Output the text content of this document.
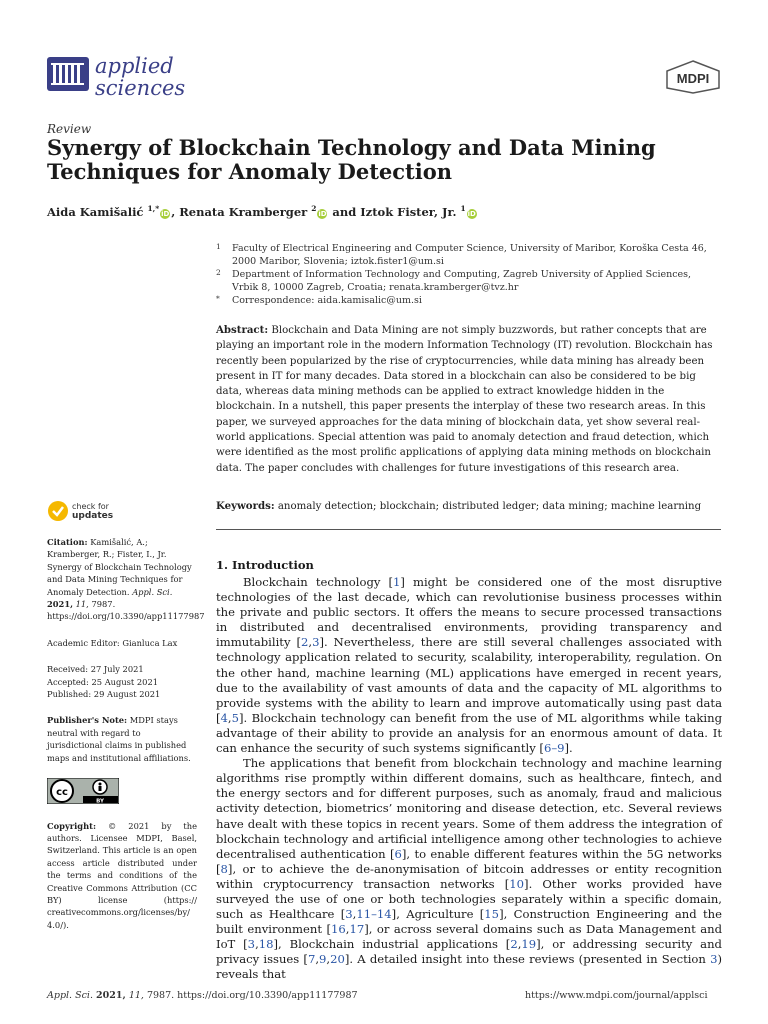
applied
sciences	MDPI
Review
Synergy of Blockchain Technology and Data Mining Techniques for Anomaly Detection
Aida Kamišalić $^{1,*}$iD , Renata Kramberger $^2$iD and Iztok Fister, Jr. $^1$iD
1 Faculty of Electrical Engineering and Computer Science, University of Maribor, Koroška Cesta 46, 2000 Maribor, Slovenia; iztok.fister1@um.si
2 Department of Information Technology and Computing, Zagreb University of Applied Sciences, Vrbik 8, 10000 Zagreb, Croatia; renata.kramberger@tvz.hr
* Correspondence: aida.kamisalic@um.si
Abstract: Blockchain and Data Mining are not simply buzzwords, but rather concepts that are playing an important role in the modern Information Technology (IT) revolution. Blockchain has recently been popularized by the rise of cryptocurrencies, while data mining has already been present in IT for many decades. Data stored in a blockchain can also be considered to be big data, whereas data mining methods can be applied to extract knowledge hidden in the blockchain. In a nutshell, this paper presents the interplay of these two research areas. In this paper, we surveyed approaches for the data mining of blockchain data, yet show several real-world applications. Special attention was paid to anomaly detection and fraud detection, which were identified as the most prolific applications of applying data mining methods on blockchain data. The paper concludes with challenges for future investigations of this research area.
Keywords: anomaly detection; blockchain; distributed ledger; data mining; machine learning
check for
updates
Citation: Kamišalić, A.; Kramberger, R.; Fister, I., Jr. Synergy of Blockchain Technology and Data Mining Techniques for Anomaly Detection. Appl. Sci. 2021, 11, 7987. https://doi.org/10.3390/app11177987
Academic Editor: Gianluca Lax
Received: 27 July 2021
Accepted: 25 August 2021
Published: 29 August 2021
Publisher's Note: MDPI stays neutral with regard to jurisdictional claims in published maps and institutional affiliations.
cc
BY
Copyright: © 2021 by the authors. Licensee MDPI, Basel, Switzerland. This article is an open access article distributed under the terms and conditions of the Creative Commons Attribution (CC BY) license (https:// creativecommons.org/licenses/by/ 4.0/).
1. Introduction

Blockchain technology [1] might be considered one of the most disruptive technologies of the last decade, which can revolutionise business processes within the private and public sectors. It offers the means to secure processed transactions in distributed and decentralised environments, providing transparency and immutability [2,3]. Nevertheless, there are still several challenges associated with technology application related to security, scalability, interoperability, regulation. On the other hand, machine learning (ML) applications have emerged in recent years, due to the availability of vast amounts of data and the capacity of ML algorithms to provide systems with the ability to learn and improve automatically using past data [4,5]. Blockchain technology can benefit from the use of ML algorithms while taking advantage of their ability to provide an analysis for an enormous amount of data. It can enhance the security of such systems significantly [6–9].

The applications that benefit from blockchain technology and machine learning algorithms rise promptly within different domains, such as healthcare, fintech, and the energy sectors and for different purposes, such as anomaly, fraud and malicious activity detection, biometrics’ monitoring and disease detection, etc. Several reviews have dealt with these topics in recent years. Some of them address the integration of blockchain technology and artificial intelligence among other technologies to achieve decentralised authentication [6], to enable different features within the 5G networks [8], or to achieve the de-anonymisation of bitcoin addresses or entity recognition within cryptocurrency transaction networks [10]. Other works provided have surveyed the use of one or both technologies separately within a specific domain, such as Healthcare [3,11–14], Agriculture [15], Construction Engineering and the built environment [16,17], or across several domains such as Data Management and IoT [3,18], Blockchain industrial applications [2,19], or addressing security and privacy issues [7,9,20]. A detailed insight into these reviews (presented in Section 3) reveals that

Appl. Sci. 2021, 11, 7987. https://doi.org/10.3390/app11177987	https://www.mdpi.com/journal/applsci
